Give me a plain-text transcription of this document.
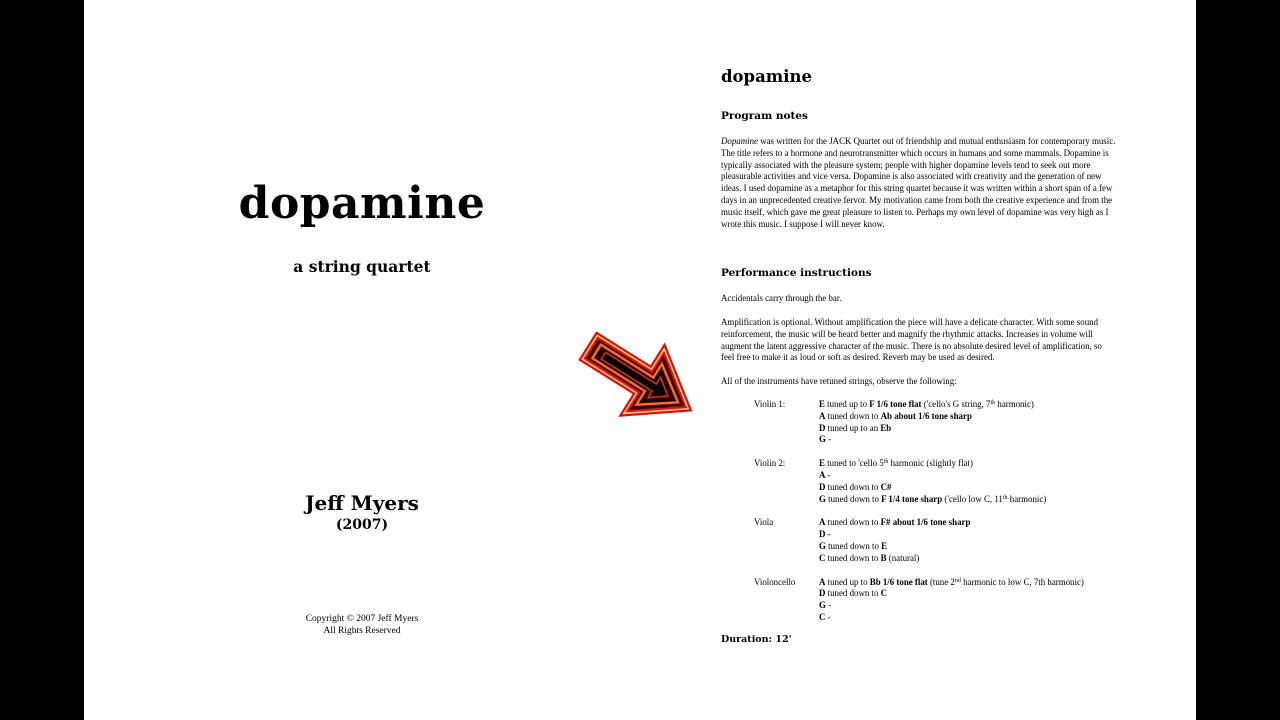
dopamine
a string quartet
Jeff Myers
(2007)
Copyright © 2007 Jeff Myers
All Rights Reserved
dopamine
Program notes
Dopamine was written for the JACK Quartet out of friendship and mutual enthusiasm for contemporary music. The title refers to a hormone and neurotransmitter which occurs in humans and some mammals. Dopamine is typically associated with the pleasure system; people with higher dopamine levels tend to seek out more pleasurable activities and vice versa. Dopamine is also associated with creativity and the generation of new ideas. I used dopamine as a metaphor for this string quartet because it was written within a short span of a few days in an unprecedented creative fervor. My motivation came from both the creative experience and from the music itself, which gave me great pleasure to listen to. Perhaps my own level of dopamine was very high as I wrote this music. I suppose I will never know.
Performance instructions
Accidentals carry through the bar.
Amplification is optional. Without amplification the piece will have a delicate character. With some sound reinforcement, the music will be heard better and magnify the rhythmic attacks. Increases in volume will augment the latent aggressive character of the music. There is no absolute desired level of amplification, so feel free to make it as loud or soft as desired. Reverb may be used as desired.
All of the instruments have retuned strings, observe the following:
Violin 1:	E tuned up to F 1/6 tone flat ('cello's G string, 7th harmonic)
A tuned down to Ab about 1/6 tone sharp
D tuned up to an Eb
G -
Violin 2:	E tuned to 'cello 5th harmonic (slightly flat)
A -
D tuned down to C#
G tuned down to F 1/4 tone sharp ('cello low C, 11th harmonic)
Viola	A tuned down to F# about 1/6 tone sharp
D -
G tuned down to E
C tuned down to B (natural)
Violoncello	A tuned up to Bb 1/6 tone flat (tune 2nd harmonic to low C, 7th harmonic)
D tuned down to C
G -
C -
Duration: 12'
